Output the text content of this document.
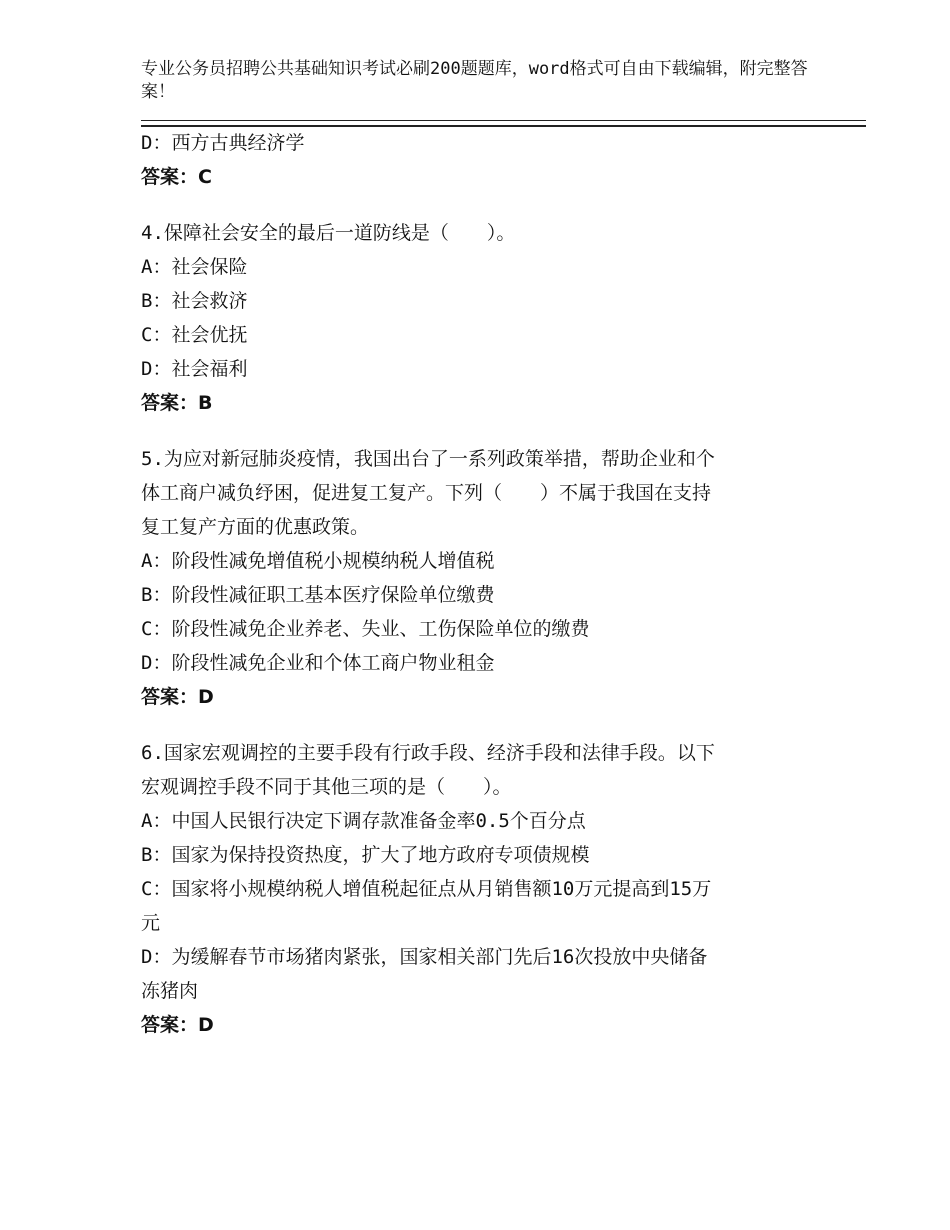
专业公务员招聘公共基础知识考试必刷200题题库，word格式可自由下载编辑，附完整答案！
D：西方古典经济学
答案：C
4.保障社会安全的最后一道防线是（　　）。
A：社会保险
B：社会救济
C：社会优抚
D：社会福利
答案：B
5.为应对新冠肺炎疫情，我国出台了一系列政策举措，帮助企业和个
体工商户减负纾困，促进复工复产。下列（　　）不属于我国在支持
复工复产方面的优惠政策。
A：阶段性减免增值税小规模纳税人增值税
B：阶段性减征职工基本医疗保险单位缴费
C：阶段性减免企业养老、失业、工伤保险单位的缴费
D：阶段性减免企业和个体工商户物业租金
答案：D
6.国家宏观调控的主要手段有行政手段、经济手段和法律手段。以下
宏观调控手段不同于其他三项的是（　　）。
A：中国人民银行决定下调存款准备金率0.5个百分点
B：国家为保持投资热度，扩大了地方政府专项债规模
C：国家将小规模纳税人增值税起征点从月销售额10万元提高到15万
元
D：为缓解春节市场猪肉紧张，国家相关部门先后16次投放中央储备
冻猪肉
答案：D
